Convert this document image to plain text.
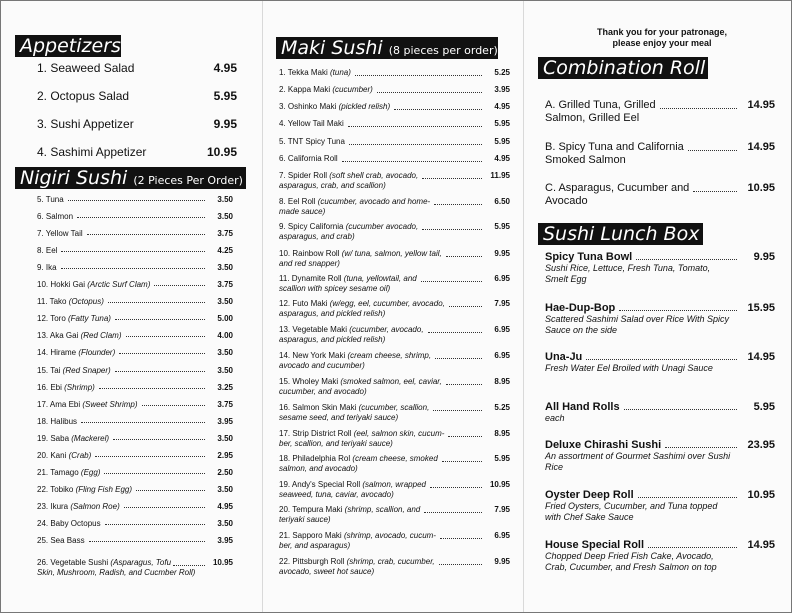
Appetizers
1. Seaweed Salad	4.95
2. Octopus Salad	5.95
3. Sushi Appetizer	9.95
4. Sashimi Appetizer	10.95
Nigiri Sushi (2 Pieces Per Order)
5. Tuna	3.50
6. Salmon	3.50
7. Yellow Tail	3.75
8. Eel	4.25
9. Ika	3.50
10. Hokki Gai (Arctic Surf Clam)	3.75
11. Tako (Octopus)	3.50
12. Toro (Fatty Tuna)	5.00
13. Aka Gai (Red Clam)	4.00
14. Hirame (Flounder)	3.50
15. Tai (Red Snaper)	3.50
16. Ebi (Shrimp)	3.25
17. Ama Ebi (Sweet Shrimp)	3.75
18. Halibus	3.95
19. Saba (Mackerel)	3.50
20. Kani (Crab)	2.95
21. Tamago (Egg)	2.50
22. Tobiko (Fling Fish Egg)	3.50
23. Ikura (Salmon Roe)	4.95
24. Baby Octopus	3.50
25. Sea Bass	3.95
26. Vegetable Sushi (Asparagus, Tofu	10.95
Skin, Mushroom, Radish, and Cucmber Roll)
Maki Sushi (8 pieces per order)
1. Tekka Maki (tuna)	5.25
2. Kappa Maki (cucumber)	3.95
3. Oshinko Maki (pickled relish)	4.95
4. Yellow Tail Maki	5.95
5. TNT Spicy Tuna	5.95
6. California Roll	4.95
7. Spider Roll (soft shell crab, avocado,	11.95
asparagus, crab, and scallion)
8. Eel Roll (cucumber, avocado and home-	6.50
made sauce)
9. Spicy California (cucumber avocado,	5.95
asparagus, and crab)
10. Rainbow Roll (w/ tuna, salmon, yellow tail,	9.95
and red snapper)
11. Dynamite Roll (tuna, yellowtail, and	6.95
scallion with spicey sesame oil)
12. Futo Maki (w/egg, eel, cucumber, avocado,	7.95
asparagus, and pickled relish)
13. Vegetable Maki (cucumber, avocado,	6.95
asparagus, and pickled relish)
14. New York Maki (cream cheese, shrimp,	6.95
avocado and cucumber)
15. Wholey Maki (smoked salmon, eel, caviar,	8.95
cucumber, and avocado)
16. Salmon Skin Maki (cucumber, scallion,	5.25
sesame seed, and teriyaki sauce)
17. Strip District Roll (eel, salmon skin, cucum-	8.95
ber, scallion, and teriyaki sauce)
18. Philadelphia Rol (cream cheese, smoked	5.95
salmon, and avocado)
19. Andy's Special Roll (salmon, wrapped	10.95
seaweed, tuna, caviar, avocado)
20. Tempura Maki (shrimp, scallion, and	7.95
teriyaki sauce)
21. Sapporo Maki (shrimp, avocado, cucum-	6.95
ber, and asparagus)
22. Pittsburgh Roll (shrimp, crab, cucumber,	9.95
avocado, sweet hot sauce)
Thank you for your patronage,
please enjoy your meal
Combination Roll
A. Grilled Tuna, Grilled	14.95
Salmon, Grilled Eel
B. Spicy Tuna and California	14.95
Smoked Salmon
C. Asparagus, Cucumber and	10.95
Avocado
Sushi Lunch Box
Spicy Tuna Bowl	9.95
Sushi Rice, Lettuce, Fresh Tuna, Tomato, Smelt Egg
Hae-Dup-Bop	15.95
Scattered Sashimi Salad over Rice With Spicy Sauce on the side
Una-Ju	14.95
Fresh Water Eel Broiled with Unagi Sauce
All Hand Rolls	5.95
each
Deluxe Chirashi Sushi	23.95
An assortment of Gourmet Sashimi over Sushi Rice
Oyster Deep Roll	10.95
Fried Oysters, Cucumber, and Tuna topped with Chef Sake Sauce
House Special Roll	14.95
Chopped Deep Fried Fish Cake, Avocado, Crab, Cucumber, and Fresh Salmon on top
